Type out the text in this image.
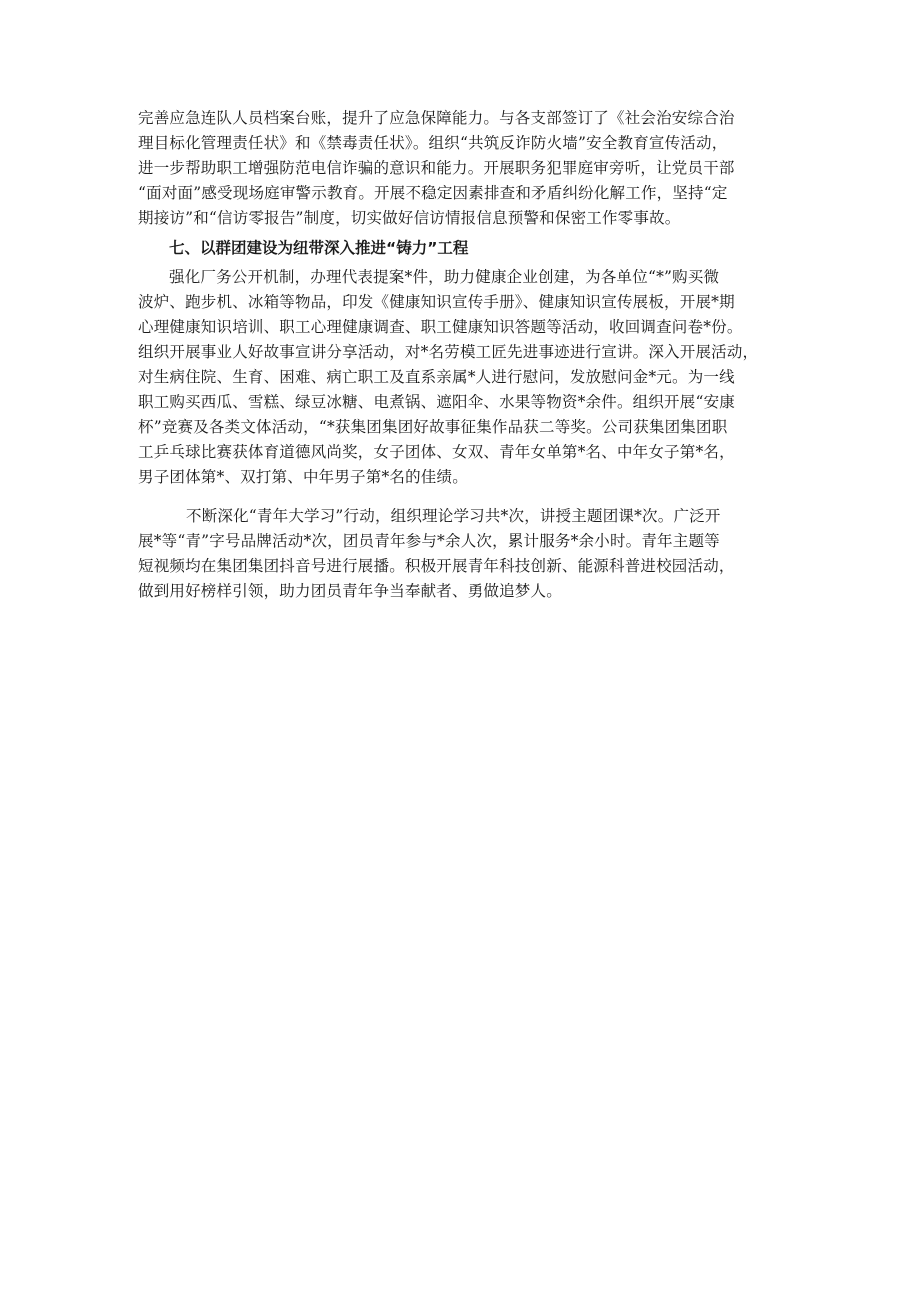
完善应急连队人员档案台账，提升了应急保障能力。与各支部签订了《社会治安综合治
理目标化管理责任状》和《禁毒责任状》。组织“共筑反诈防火墙”安全教育宣传活动，
进一步帮助职工增强防范电信诈骗的意识和能力。开展职务犯罪庭审旁听，让党员干部
“面对面”感受现场庭审警示教育。开展不稳定因素排查和矛盾纠纷化解工作，坚持“定
期接访”和“信访零报告”制度，切实做好信访情报信息预警和保密工作零事故。
七、以群团建设为纽带深入推进“铸力”工程
强化厂务公开机制，办理代表提案*件，助力健康企业创建，为各单位“*”购买微
波炉、跑步机、冰箱等物品，印发《健康知识宣传手册》、健康知识宣传展板，开展*期
心理健康知识培训、职工心理健康调查、职工健康知识答题等活动，收回调查问卷*份。
组织开展事业人好故事宣讲分享活动，对*名劳模工匠先进事迹进行宣讲。深入开展活动，
对生病住院、生育、困难、病亡职工及直系亲属*人进行慰问，发放慰问金*元。为一线
职工购买西瓜、雪糕、绿豆冰糖、电煮锅、遮阳伞、水果等物资*余件。组织开展“安康
杯”竞赛及各类文体活动，“*获集团集团好故事征集作品获二等奖。公司获集团集团职
工乒乓球比赛获体育道德风尚奖，女子团体、女双、青年女单第*名、中年女子第*名，
男子团体第*、双打第、中年男子第*名的佳绩。
不断深化“青年大学习”行动，组织理论学习共*次，讲授主题团课*次。广泛开
展*等“青”字号品牌活动*次，团员青年参与*余人次，累计服务*余小时。青年主题等
短视频均在集团集团抖音号进行展播。积极开展青年科技创新、能源科普进校园活动，
做到用好榜样引领，助力团员青年争当奉献者、勇做追梦人。
